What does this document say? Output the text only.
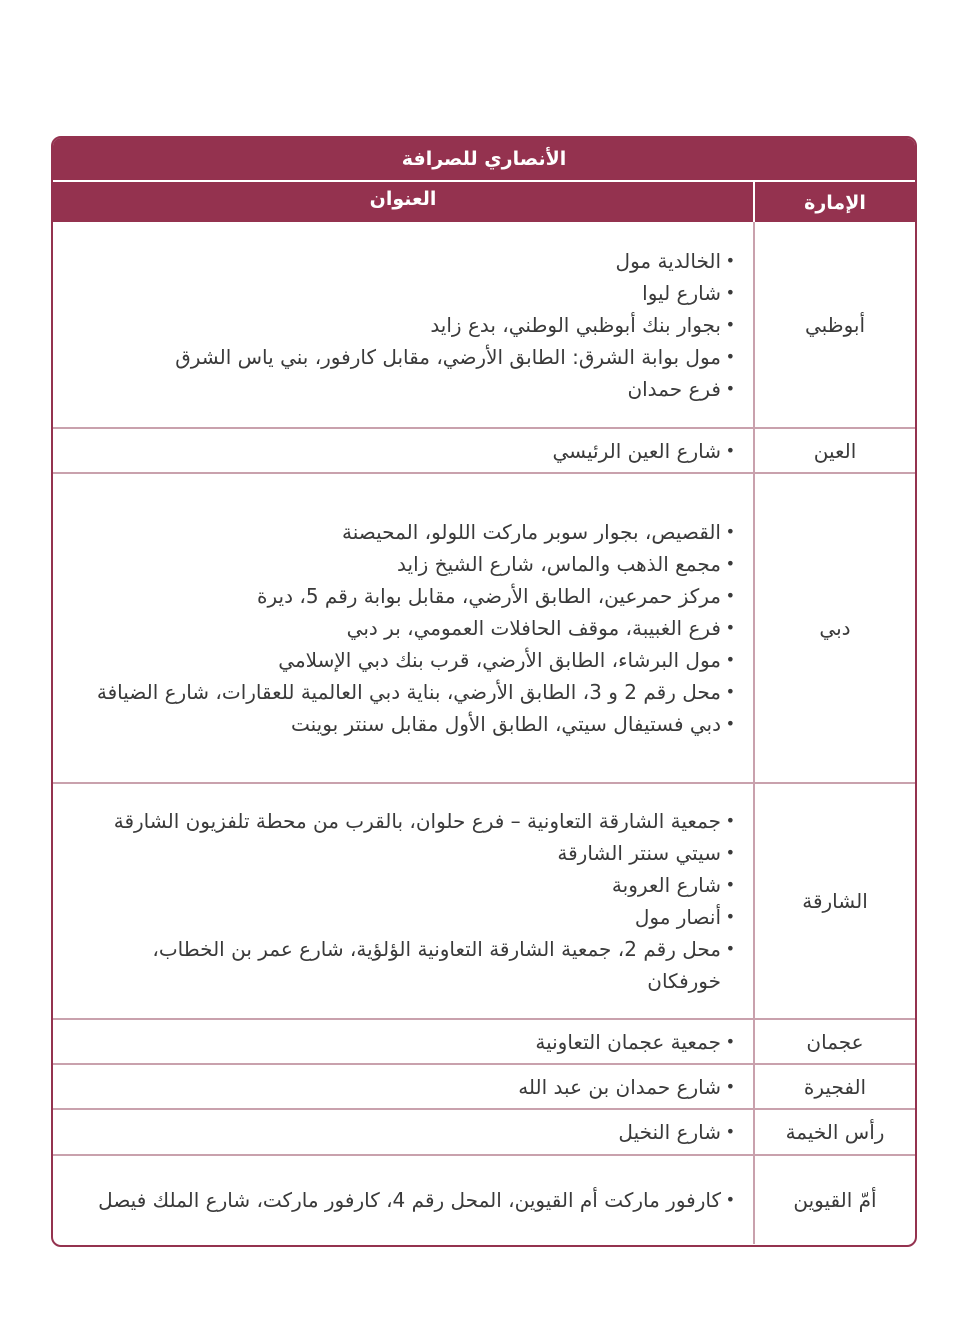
الأنصاري للصرافة
الإمارة
العنوان
أبوظبي
• الخالدية مول
• شارع ليوا
• بجوار بنك أبوظبي الوطني، بدع زايد
• مول بوابة الشرق: الطابق الأرضي، مقابل كارفور، بني ياس الشرق
• فرع حمدان
العين
• شارع العين الرئيسي
دبي
• القصيص، بجوار سوبر ماركت اللولو، المحيصنة
• مجمع الذهب والماس، شارع الشيخ زايد
• مركز حمرعين، الطابق الأرضي، مقابل بوابة رقم 5، ديرة
• فرع الغبيبة، موقف الحافلات العمومي، بر دبي
• مول البرشاء، الطابق الأرضي، قرب بنك دبي الإسلامي
• محل رقم 2 و 3، الطابق الأرضي، بناية دبي العالمية للعقارات، شارع الضيافة
• دبي فستيفال سيتي، الطابق الأول مقابل سنتر بوينت
الشارقة
• جمعية الشارقة التعاونية – فرع حلوان، بالقرب من محطة تلفزيون الشارقة
• سيتي سنتر الشارقة
• شارع العروبة
• أنصار مول
• محل رقم 2، جمعية الشارقة التعاونية الؤلؤية، شارع عمر بن الخطاب، خورفكان
عجمان
• جمعية عجمان التعاونية
الفجيرة
• شارع حمدان بن عبد الله
رأس الخيمة
• شارع النخيل
أمّ القيوين
• كارفور ماركت أم القيوين، المحل رقم 4، كارفور ماركت، شارع الملك فيصل
